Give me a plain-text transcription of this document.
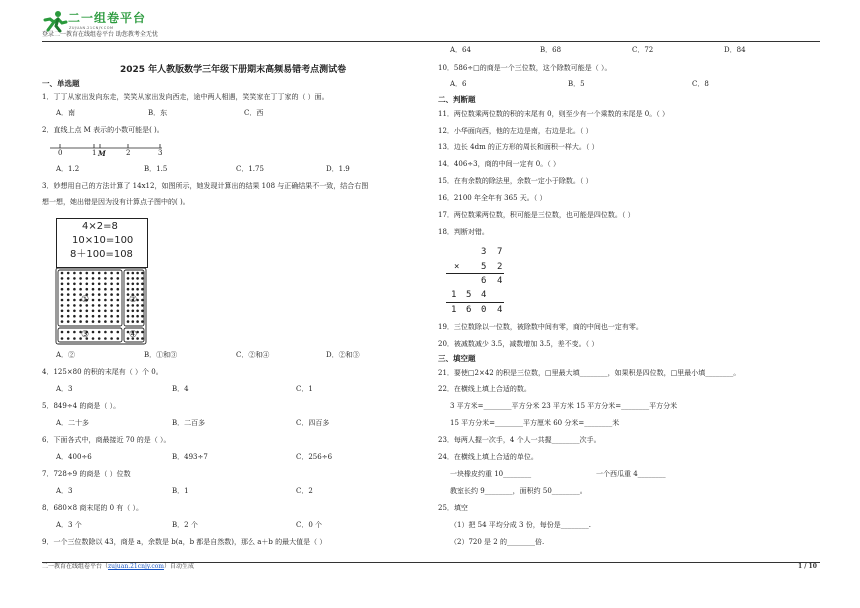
二一组卷平台
ZUJUAN.21CNJY.COM
登录二一教育在线组卷平台 助您教考全无忧
2025 年人教版数学三年级下册期末高频易错考点测试卷
一、单选题
1．丁丁从家出发向东走，笑笑从家出发向西走，途中两人相遇，笑笑家在丁丁家的（ ）面。
A．南	B．东	C．西
2．直线上点 M 表示的小数可能是( )。
0	1 M	2	3
A．1.2	B．1.5	C．1.75	D．1.9
3．妙想用自己的方法计算了 14x12，如图所示，她发现计算出的结果 108 与正确结果不一致，结合右图
想一想，她出错是因为没有计算点子图中的( )。
4×2=8
10×10=100
8＋100=108
①	②
③	④
A．②	B．①和③	C．②和④	D．②和③
4．125×80 的积的末尾有（ ）个 0。
A．3	B．4	C．1
5．849÷4 的商是（ ）。
A．二十多	B．二百多	C．四百多
6．下面各式中，商最接近 70 的是（ ）。
A．400÷6	B．493÷7	C．256÷6
7．728÷9 的商是（ ）位数
A．3	B．1	C．2
8．680×8 商末尾的 0 有（ ）。
A．3 个	B．2 个	C．0 个
9．一个三位数除以 43，商是 a，余数是 b(a，b 都是自然数)，那么 a＋b 的最大值是（ ）
A．64	B．68	C．72	D．84
10．586÷□的商是一个三位数，这个除数可能是（ ）。
A．6	B．5	C．8
二、判断题
11．两位数乘两位数的积的末尾有 0，则至少有一个乘数的末尾是 0。（ ）
12．小华面向西，他的左边是南，右边是北。（ ）
13．边长 4dm 的正方形的周长和面积一样大。（ ）
14．406÷3，商的中间一定有 0。（ ）
15．在有余数的除法里，余数一定小于除数。（ ）
16．2100 年全年有 365 天。（ ）
17．两位数乘两位数，积可能是三位数，也可能是四位数。（ ）
18．判断对错。
3 7
× 5 2
6 4
1 5 4
1 6 0 4
19．三位数除以一位数，被除数中间有零，商的中间也一定有零。
20．被减数减少 3.5，减数增加 3.5，差不变。（ ）
三、填空题
21．要使□2×42 的积是三位数，□里最大填________，如果积是四位数，□里最小填________。
22．在横线上填上合适的数。
3 平方米=________平方分米 23 平方米 15 平方分米=________平方分米
15 平方分米=________平方厘米 60 分米=________米
23．每两人握一次手，4 个人一共握________次手。
24．在横线上填上合适的单位。
一块橡皮约重 10________	一个西瓜重 4________
教室长约 9________，面积约 50________。
25．填空
（1）把 54 平均分成 3 份，每份是________.
（2）720 是 2 的________倍.
二一教育在线组卷平台（zujuan.21cnjy.com）自动生成	1 / 10
